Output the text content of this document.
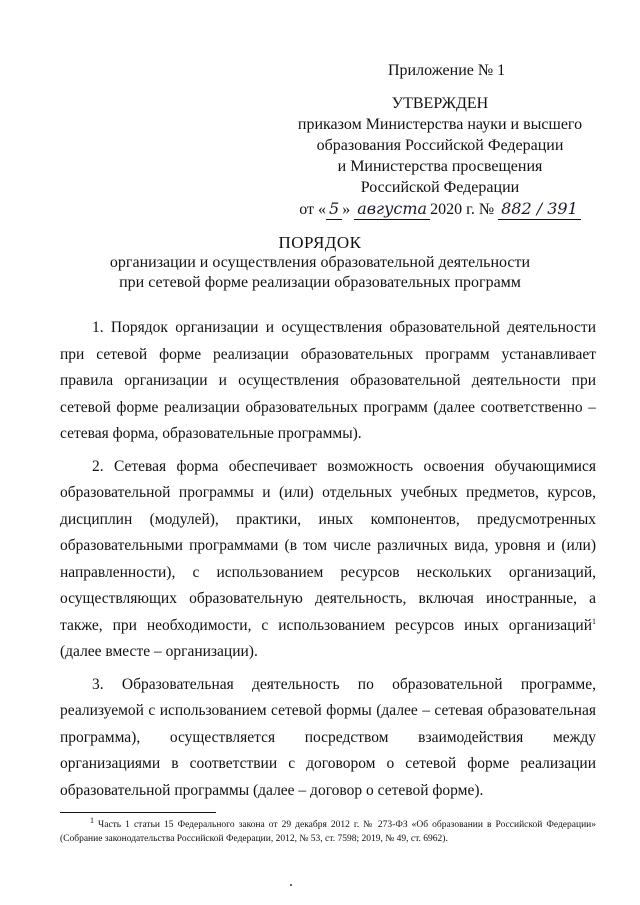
Приложение № 1
УТВЕРЖДЕН
приказом Министерства науки и высшего
образования Российской Федерации
и Министерства просвещения
Российской Федерации
от « 5 » августа 2020 г. № 882 / 391
ПОРЯДОК
организации и осуществления образовательной деятельности
при сетевой форме реализации образовательных программ

1. Порядок организации и осуществления образовательной деятельности при сетевой форме реализации образовательных программ устанавливает правила организации и осуществления образовательной деятельности при сетевой форме реализации образовательных программ (далее соответственно – сетевая форма, образовательные программы).

2. Сетевая форма обеспечивает возможность освоения обучающимися образовательной программы и (или) отдельных учебных предметов, курсов, дисциплин (модулей), практики, иных компонентов, предусмотренных образовательными программами (в том числе различных вида, уровня и (или) направленности), с использованием ресурсов нескольких организаций, осуществляющих образовательную деятельность, включая иностранные, а также, при необходимости, с использованием ресурсов иных организаций$^1$ (далее вместе – организации).

3. Образовательная деятельность по образовательной программе, реализуемой с использованием сетевой формы (далее – сетевая образовательная программа), осуществляется посредством взаимодействия между организациями в соответствии с договором о сетевой форме реализации образовательной программы (далее – договор о сетевой форме).

$^1$ Часть 1 статьи 15 Федерального закона от 29 декабря 2012 г. № 273-ФЗ «Об образовании в Российской Федерации» (Собрание законодательства Российской Федерации, 2012, № 53, ст. 7598; 2019, № 49, ст. 6962).
